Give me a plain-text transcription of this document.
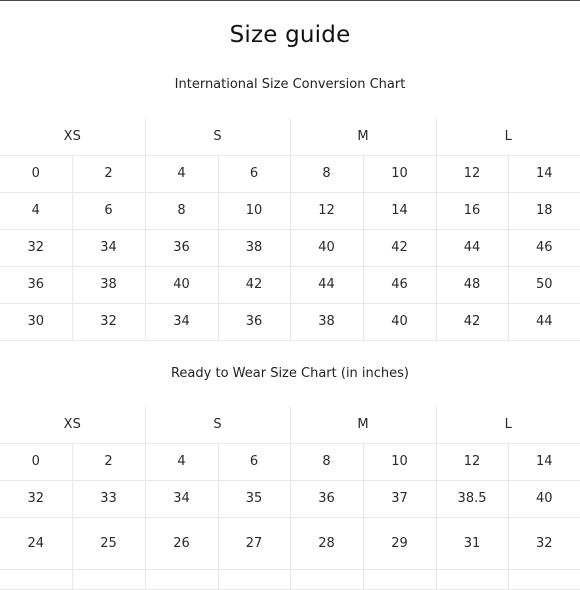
Size guide
International Size Conversion Chart
XS		S		M		L	
0	2	4	6	8	10	12	14
4	6	8	10	12	14	16	18
32	34	36	38	40	42	44	46
36	38	40	42	44	46	48	50
30	32	34	36	38	40	42	44
Ready to Wear Size Chart (in inches)
XS		S		M		L	
0	2	4	6	8	10	12	14
32	33	34	35	36	37	38.5	40
24	25	26	27	28	29	31	32
